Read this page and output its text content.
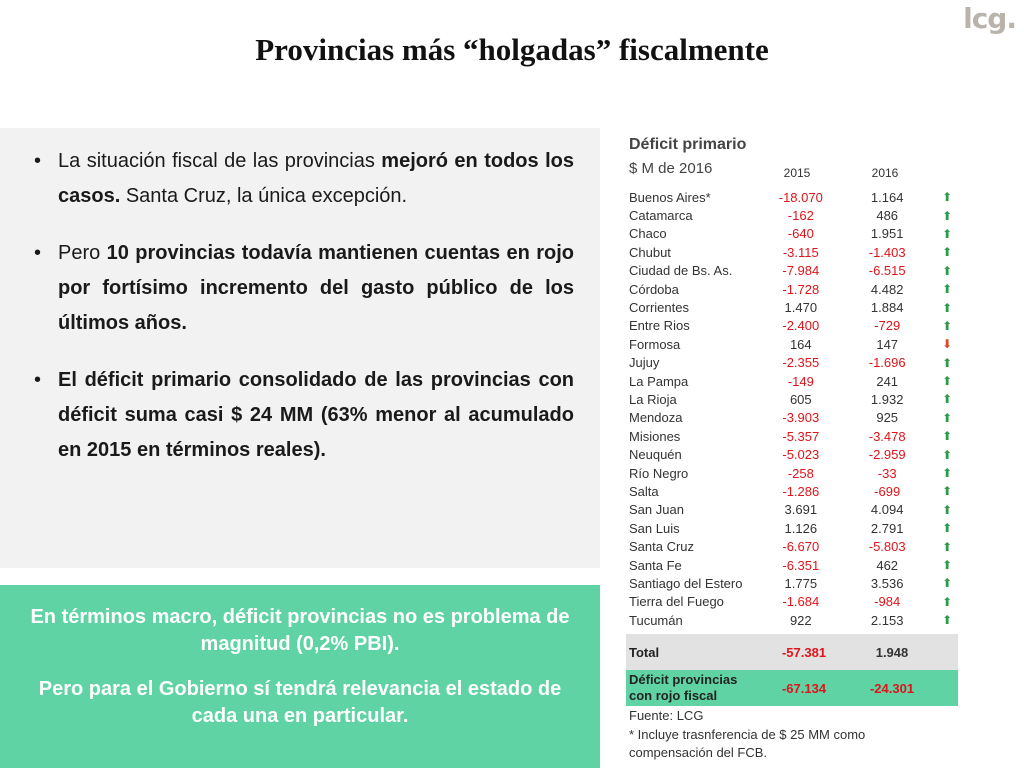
lcg.
Provincias más “holgadas” fiscalmente
• La situación fiscal de las provincias mejoró en todos los casos. Santa Cruz, la única excepción.
• Pero 10 provincias todavía mantienen cuentas en rojo por fortísimo incremento del gasto público de los últimos años.
• El déficit primario consolidado de las provincias con déficit suma casi $ 24 MM (63% menor al acumulado en 2015 en términos reales).

En términos macro, déficit provincias no es problema de magnitud (0,2% PBI).

Pero para el Gobierno sí tendrá relevancia el estado de cada una en particular.

Déficit primario
$ M de 2016	2015	2016
Buenos Aires*	-18.070	1.164	⬆
Catamarca	-162	486	⬆
Chaco	-640	1.951	⬆
Chubut	-3.115	-1.403	⬆
Ciudad de Bs. As.	-7.984	-6.515	⬆
Córdoba	-1.728	4.482	⬆
Corrientes	1.470	1.884	⬆
Entre Rios	-2.400	-729	⬆
Formosa	164	147	⬇
Jujuy	-2.355	-1.696	⬆
La Pampa	-149	241	⬆
La Rioja	605	1.932	⬆
Mendoza	-3.903	925	⬆
Misiones	-5.357	-3.478	⬆
Neuquén	-5.023	-2.959	⬆
Río Negro	-258	-33	⬆
Salta	-1.286	-699	⬆
San Juan	3.691	4.094	⬆
San Luis	1.126	2.791	⬆
Santa Cruz	-6.670	-5.803	⬆
Santa Fe	-6.351	462	⬆
Santiago del Estero	1.775	3.536	⬆
Tierra del Fuego	-1.684	-984	⬆
Tucumán	922	2.153	⬆
Total	-57.381	1.948
Déficit provincias con rojo fiscal	-67.134	-24.301
Fuente: LCG
* Incluye trasnferencia de $ 25 MM como compensación del FCB.
